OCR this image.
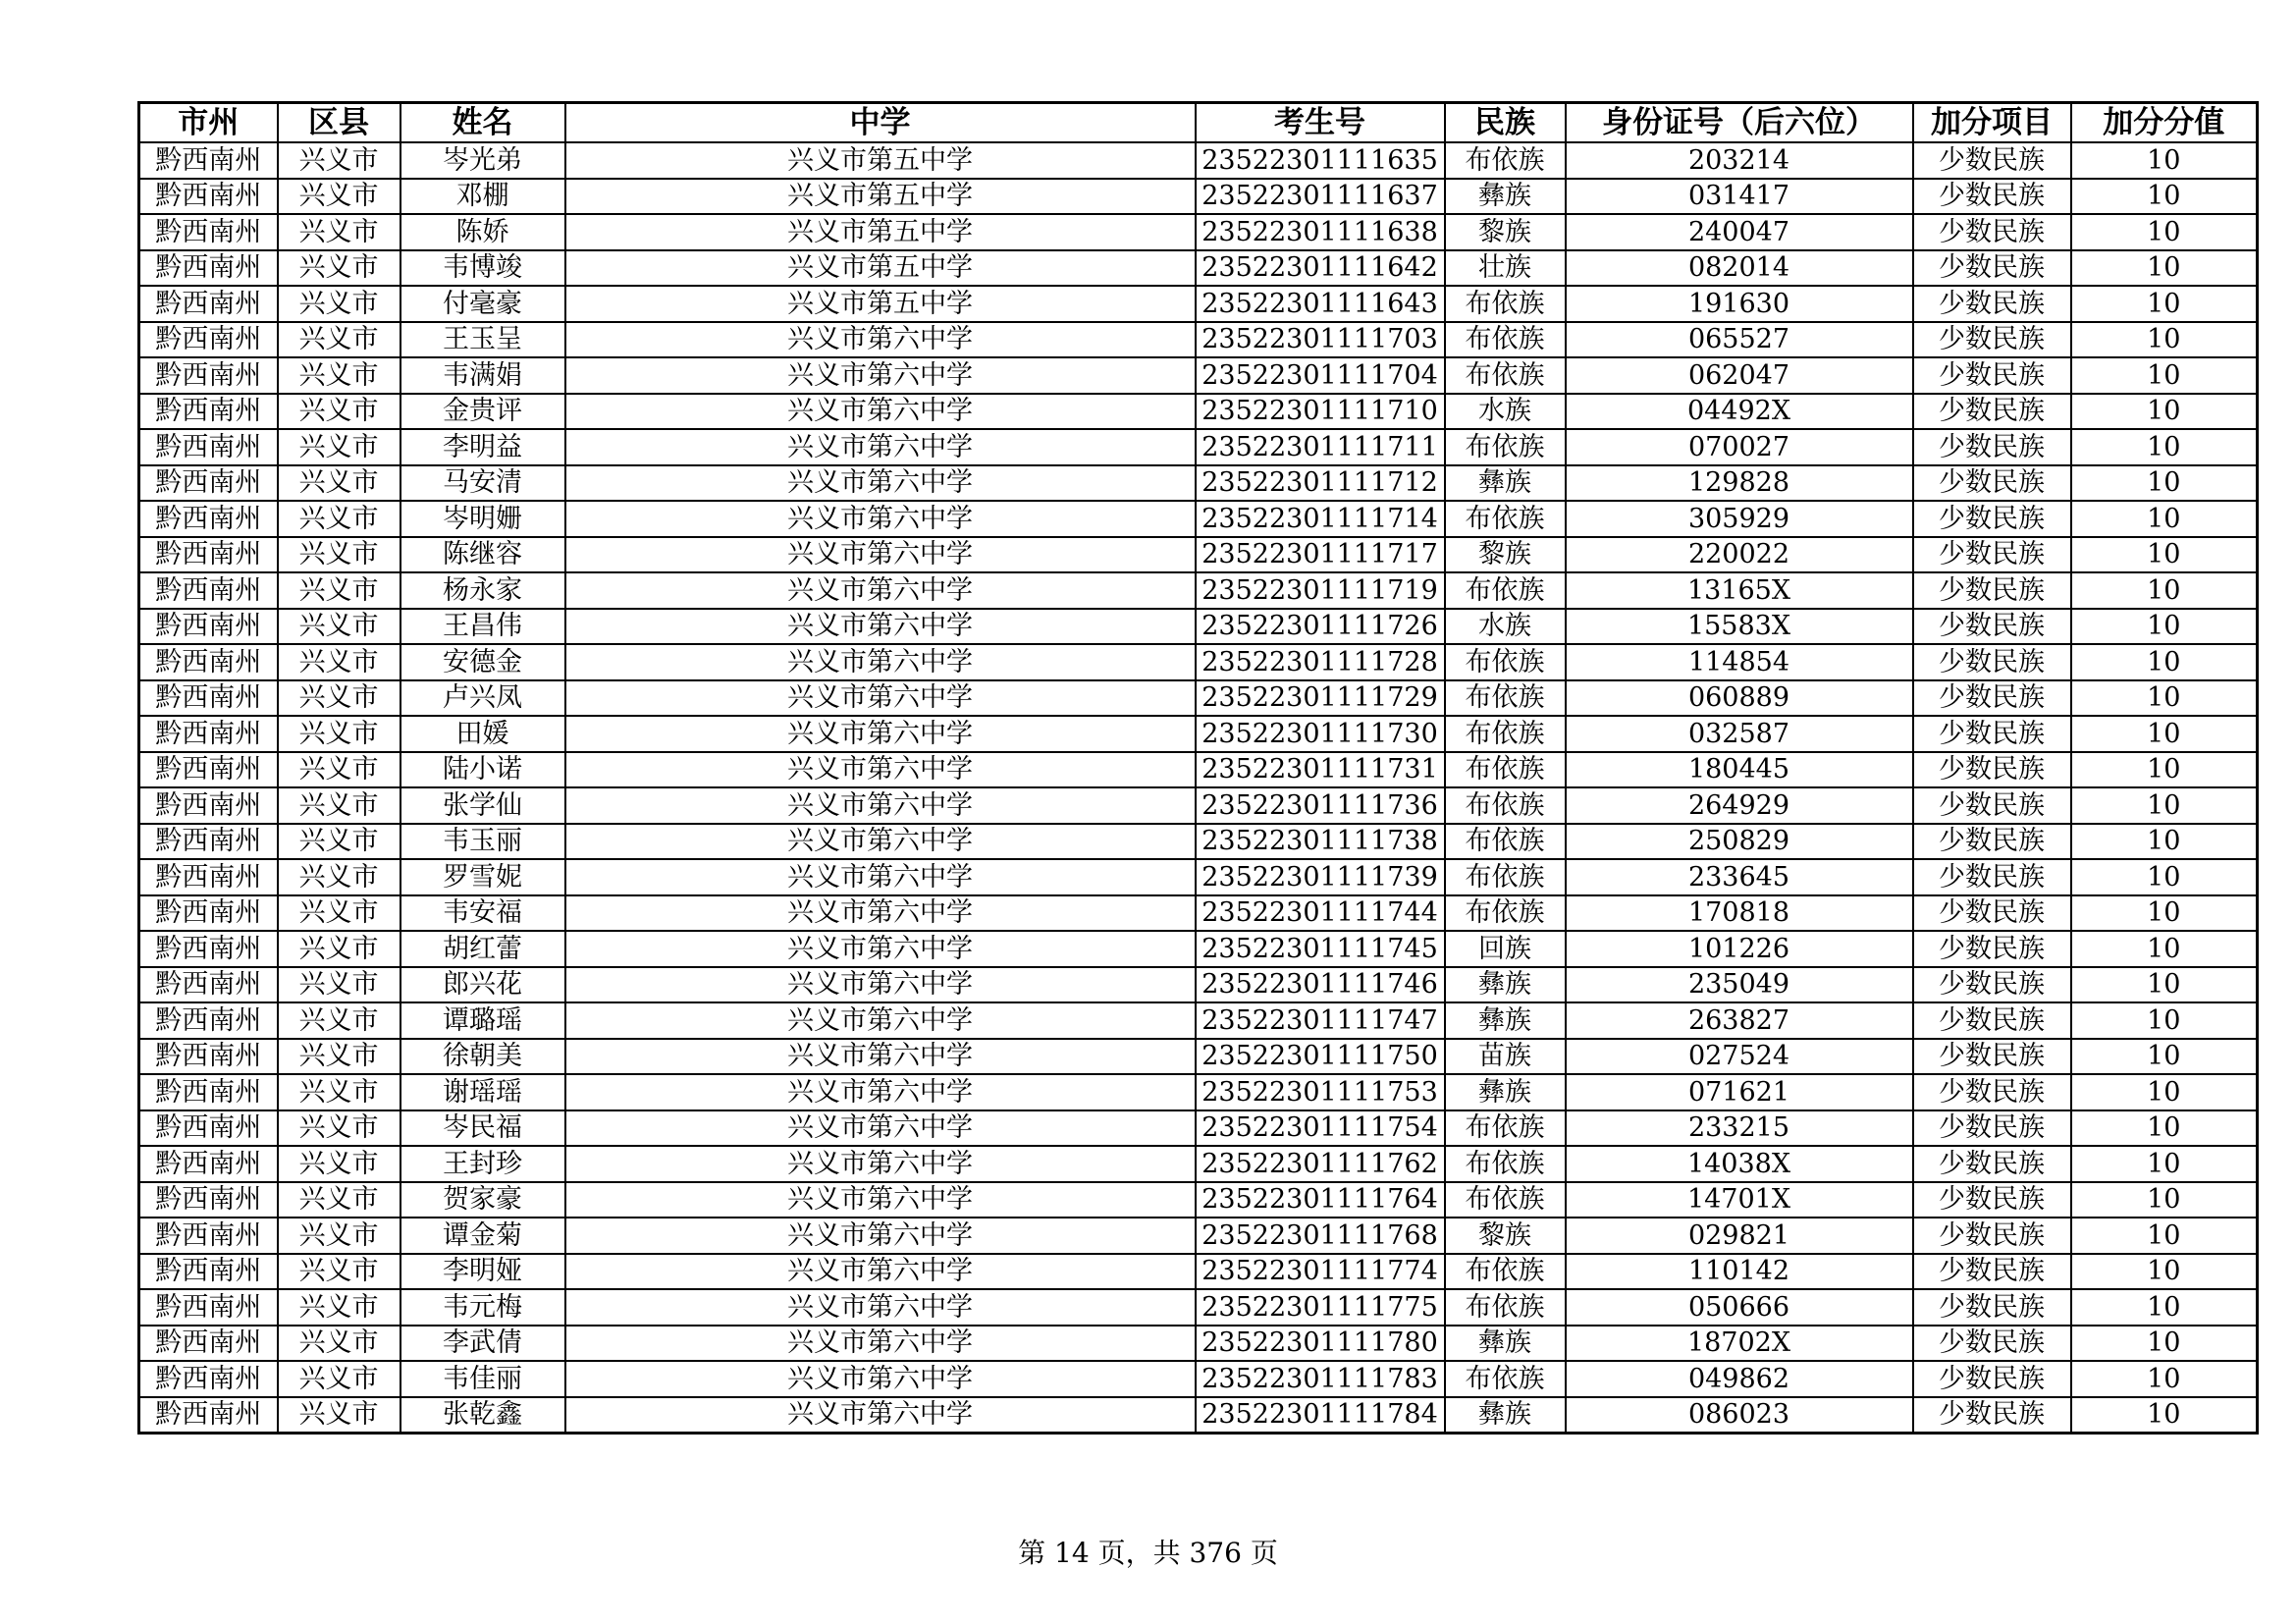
市州	区县	姓名	中学	考生号	民族	身份证号（后六位）	加分项目	加分分值
黔西南州	兴义市	岑光弟	兴义市第五中学	23522301111635	布依族	203214	少数民族	10
黔西南州	兴义市	邓棚	兴义市第五中学	23522301111637	彝族	031417	少数民族	10
黔西南州	兴义市	陈娇	兴义市第五中学	23522301111638	黎族	240047	少数民族	10
黔西南州	兴义市	韦博竣	兴义市第五中学	23522301111642	壮族	082014	少数民族	10
黔西南州	兴义市	付毫豪	兴义市第五中学	23522301111643	布依族	191630	少数民族	10
黔西南州	兴义市	王玉呈	兴义市第六中学	23522301111703	布依族	065527	少数民族	10
黔西南州	兴义市	韦满娟	兴义市第六中学	23522301111704	布依族	062047	少数民族	10
黔西南州	兴义市	金贵评	兴义市第六中学	23522301111710	水族	04492X	少数民族	10
黔西南州	兴义市	李明益	兴义市第六中学	23522301111711	布依族	070027	少数民族	10
黔西南州	兴义市	马安清	兴义市第六中学	23522301111712	彝族	129828	少数民族	10
黔西南州	兴义市	岑明姗	兴义市第六中学	23522301111714	布依族	305929	少数民族	10
黔西南州	兴义市	陈继容	兴义市第六中学	23522301111717	黎族	220022	少数民族	10
黔西南州	兴义市	杨永家	兴义市第六中学	23522301111719	布依族	13165X	少数民族	10
黔西南州	兴义市	王昌伟	兴义市第六中学	23522301111726	水族	15583X	少数民族	10
黔西南州	兴义市	安德金	兴义市第六中学	23522301111728	布依族	114854	少数民族	10
黔西南州	兴义市	卢兴凤	兴义市第六中学	23522301111729	布依族	060889	少数民族	10
黔西南州	兴义市	田媛	兴义市第六中学	23522301111730	布依族	032587	少数民族	10
黔西南州	兴义市	陆小诺	兴义市第六中学	23522301111731	布依族	180445	少数民族	10
黔西南州	兴义市	张学仙	兴义市第六中学	23522301111736	布依族	264929	少数民族	10
黔西南州	兴义市	韦玉丽	兴义市第六中学	23522301111738	布依族	250829	少数民族	10
黔西南州	兴义市	罗雪妮	兴义市第六中学	23522301111739	布依族	233645	少数民族	10
黔西南州	兴义市	韦安福	兴义市第六中学	23522301111744	布依族	170818	少数民族	10
黔西南州	兴义市	胡红蕾	兴义市第六中学	23522301111745	回族	101226	少数民族	10
黔西南州	兴义市	郎兴花	兴义市第六中学	23522301111746	彝族	235049	少数民族	10
黔西南州	兴义市	谭璐瑶	兴义市第六中学	23522301111747	彝族	263827	少数民族	10
黔西南州	兴义市	徐朝美	兴义市第六中学	23522301111750	苗族	027524	少数民族	10
黔西南州	兴义市	谢瑶瑶	兴义市第六中学	23522301111753	彝族	071621	少数民族	10
黔西南州	兴义市	岑民福	兴义市第六中学	23522301111754	布依族	233215	少数民族	10
黔西南州	兴义市	王封珍	兴义市第六中学	23522301111762	布依族	14038X	少数民族	10
黔西南州	兴义市	贺家豪	兴义市第六中学	23522301111764	布依族	14701X	少数民族	10
黔西南州	兴义市	谭金菊	兴义市第六中学	23522301111768	黎族	029821	少数民族	10
黔西南州	兴义市	李明娅	兴义市第六中学	23522301111774	布依族	110142	少数民族	10
黔西南州	兴义市	韦元梅	兴义市第六中学	23522301111775	布依族	050666	少数民族	10
黔西南州	兴义市	李武倩	兴义市第六中学	23522301111780	彝族	18702X	少数民族	10
黔西南州	兴义市	韦佳丽	兴义市第六中学	23522301111783	布依族	049862	少数民族	10
黔西南州	兴义市	张乾鑫	兴义市第六中学	23522301111784	彝族	086023	少数民族	10
第 14 页，共 376 页
